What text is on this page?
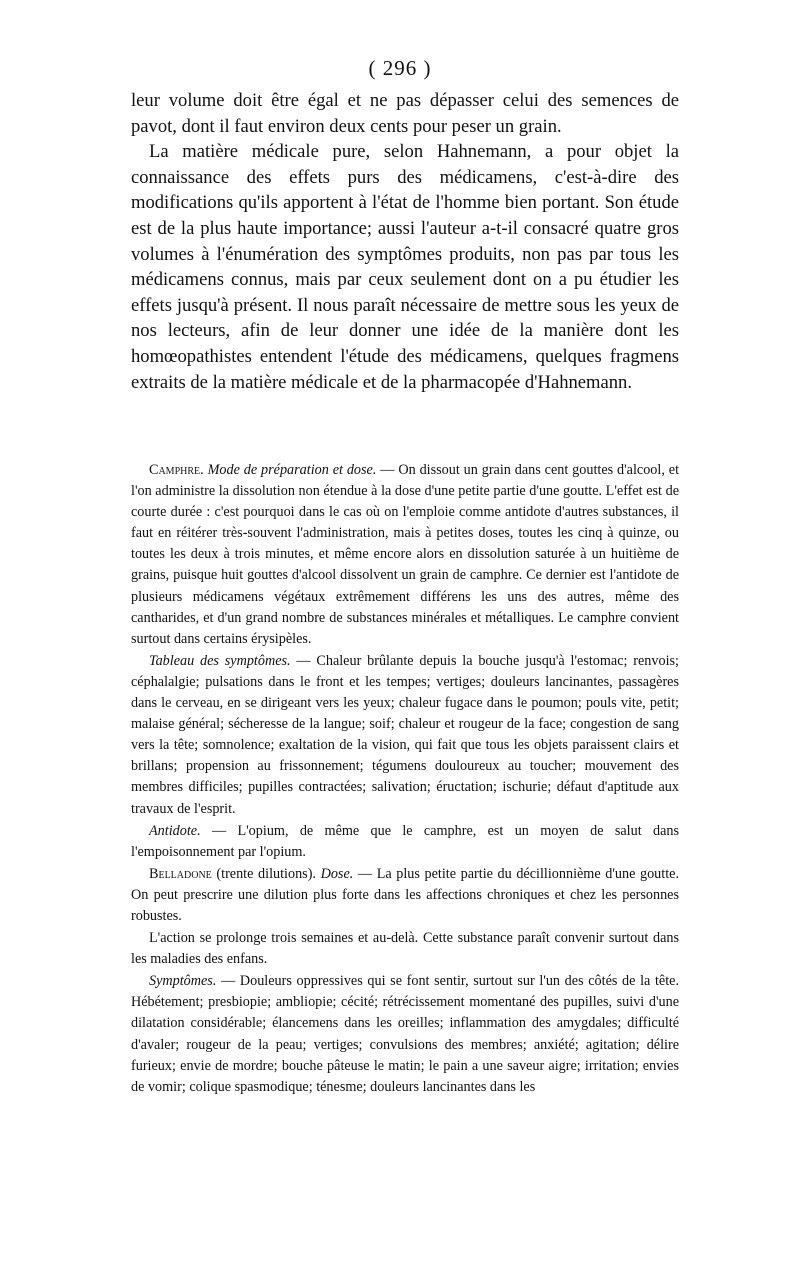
( 296 )

leur volume doit être égal et ne pas dépasser celui des semences de pavot, dont il faut environ deux cents pour peser un grain.

La matière médicale pure, selon Hahnemann, a pour objet la connaissance des effets purs des médicamens, c'est-à-dire des modifications qu'ils apportent à l'état de l'homme bien portant. Son étude est de la plus haute importance; aussi l'auteur a-t-il consacré quatre gros volumes à l'énumération des symptômes produits, non pas par tous les médicamens connus, mais par ceux seulement dont on a pu étudier les effets jusqu'à présent. Il nous paraît nécessaire de mettre sous les yeux de nos lecteurs, afin de leur donner une idée de la manière dont les homœopathistes entendent l'étude des médicamens, quelques fragmens extraits de la matière médicale et de la pharmacopée d'Hahnemann.

Camphre. Mode de préparation et dose. — On dissout un grain dans cent gouttes d'alcool, et l'on administre la dissolution non étendue à la dose d'une petite partie d'une goutte. L'effet est de courte durée : c'est pourquoi dans le cas où on l'emploie comme antidote d'autres substances, il faut en réitérer très-souvent l'administration, mais à petites doses, toutes les cinq à quinze, ou toutes les deux à trois minutes, et même encore alors en dissolution saturée à un huitième de grains, puisque huit gouttes d'alcool dissolvent un grain de camphre. Ce dernier est l'antidote de plusieurs médicamens végétaux extrêmement différens les uns des autres, même des cantharides, et d'un grand nombre de substances minérales et métalliques. Le camphre convient surtout dans certains érysipèles.

Tableau des symptômes. — Chaleur brûlante depuis la bouche jusqu'à l'estomac; renvois; céphalalgie; pulsations dans le front et les tempes; vertiges; douleurs lancinantes, passagères dans le cerveau, en se dirigeant vers les yeux; chaleur fugace dans le poumon; pouls vite, petit; malaise général; sécheresse de la langue; soif; chaleur et rougeur de la face; congestion de sang vers la tête; somnolence; exaltation de la vision, qui fait que tous les objets paraissent clairs et brillans; propension au frissonnement; tégumens douloureux au toucher; mouvement des membres difficiles; pupilles contractées; salivation; éructation; ischurie; défaut d'aptitude aux travaux de l'esprit.

Antidote. — L'opium, de même que le camphre, est un moyen de salut dans l'empoisonnement par l'opium.

Belladone (trente dilutions). Dose. — La plus petite partie du décillionnième d'une goutte. On peut prescrire une dilution plus forte dans les affections chroniques et chez les personnes robustes.

L'action se prolonge trois semaines et au-delà. Cette substance paraît convenir surtout dans les maladies des enfans.

Symptômes. — Douleurs oppressives qui se font sentir, surtout sur l'un des côtés de la tête. Hébétement; presbiopie; ambliopie; cécité; rétrécissement momentané des pupilles, suivi d'une dilatation considérable; élancemens dans les oreilles; inflammation des amygdales; difficulté d'avaler; rougeur de la peau; vertiges; convulsions des membres; anxiété; agitation; délire furieux; envie de mordre; bouche pâteuse le matin; le pain a une saveur aigre; irritation; envies de vomir; colique spasmodique; ténesme; douleurs lancinantes dans les
